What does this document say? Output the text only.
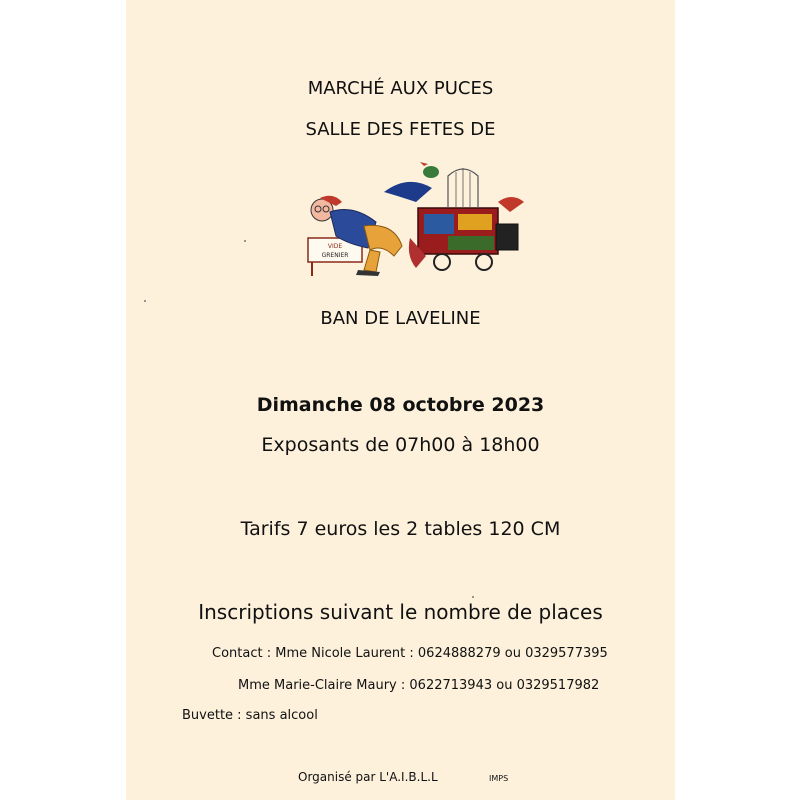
MARCHÉ AUX PUCES
SALLE DES FETES DE
VIDE
GRENIER
BAN DE LAVELINE
Dimanche 08 octobre 2023
Exposants de 07h00 à 18h00
Tarifs 7 euros les 2 tables 120 CM
Inscriptions suivant le nombre de places
Contact : Mme Nicole Laurent : 0624888279 ou 0329577395
Mme Marie-Claire Maury : 0622713943 ou 0329517982
Buvette : sans alcool
Organisé par L'A.I.B.L.L	IMPS
